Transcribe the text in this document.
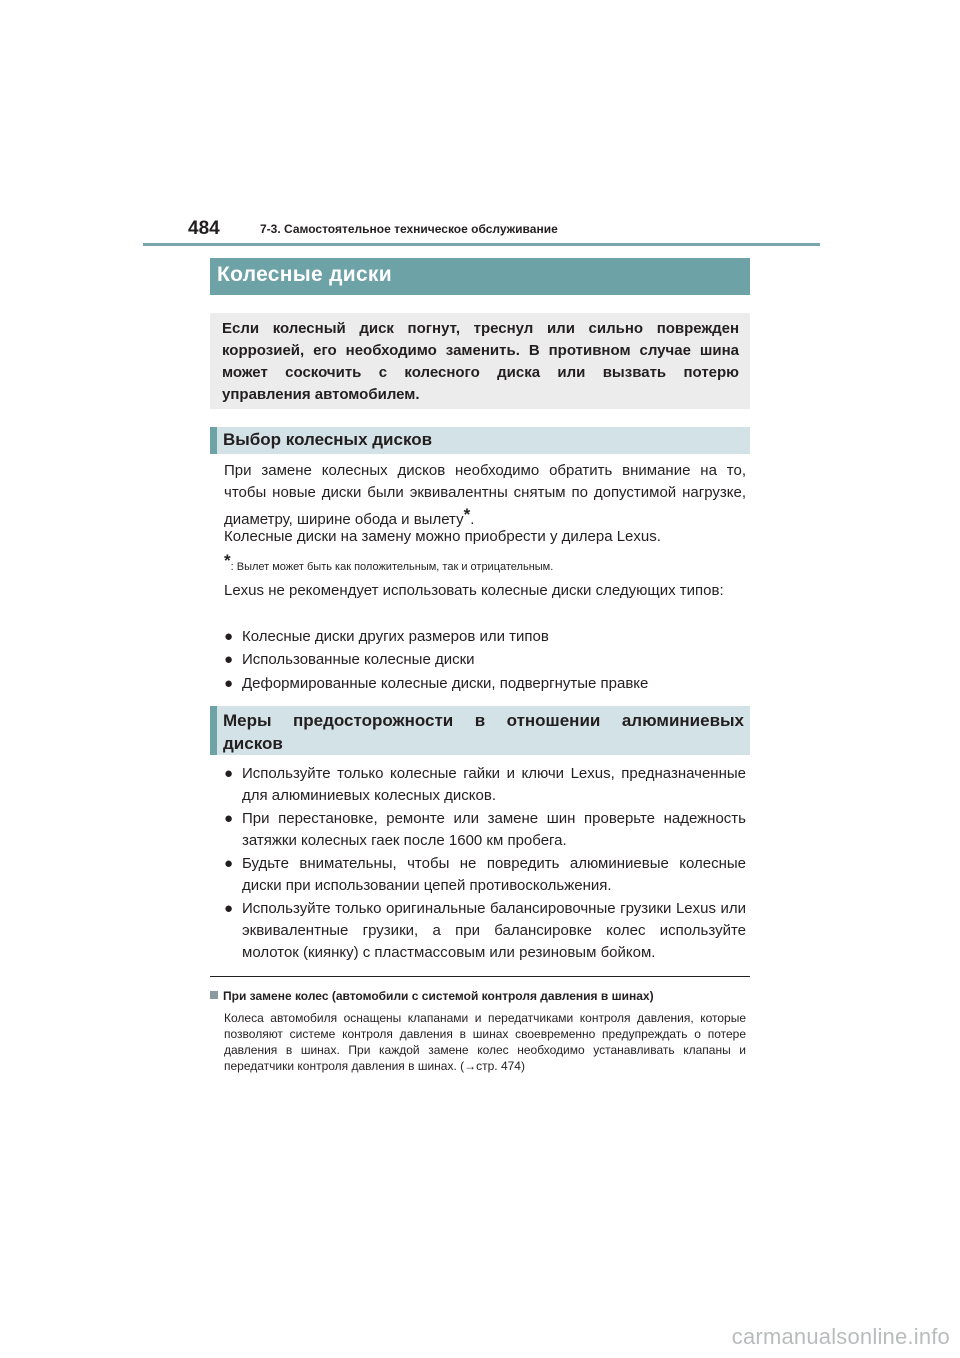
484	7-3. Самостоятельное техническое обслуживание
Колесные диски
Если колесный диск погнут, треснул или сильно поврежден коррозией, его необходимо заменить. В противном случае шина может соскочить с колесного диска или вызвать потерю управления автомобилем.
Выбор колесных дисков
При замене колесных дисков необходимо обратить внимание на то, чтобы новые диски были эквивалентны снятым по допустимой нагрузке, диаметру, ширине обода и вылету*.
Колесные диски на замену можно приобрести у дилера Lexus.
*: Вылет может быть как положительным, так и отрицательным.
Lexus не рекомендует использовать колесные диски следующих типов:
● Колесные диски других размеров или типов
● Использованные колесные диски
● Деформированные колесные диски, подвергнутые правке
Меры предосторожности в отношении алюминиевых
дисков
● Используйте только колесные гайки и ключи Lexus, предназначенные для алюминиевых колесных дисков.
● При перестановке, ремонте или замене шин проверьте надежность затяжки колесных гаек после 1600 км пробега.
● Будьте внимательны, чтобы не повредить алюминиевые колесные диски при использовании цепей противоскольжения.
● Используйте только оригинальные балансировочные грузики Lexus или эквивалентные грузики, а при балансировке колес используйте молоток (киянку) с пластмассовым или резиновым бойком.
При замене колес (автомобили с системой контроля давления в шинах)
Колеса автомобиля оснащены клапанами и передатчиками контроля давления, которые позволяют системе контроля давления в шинах своевременно предупреждать о потере давления в шинах. При каждой замене колес необходимо устанавливать клапаны и передатчики контроля давления в шинах. (→стр. 474)
carmanualsonline.info
